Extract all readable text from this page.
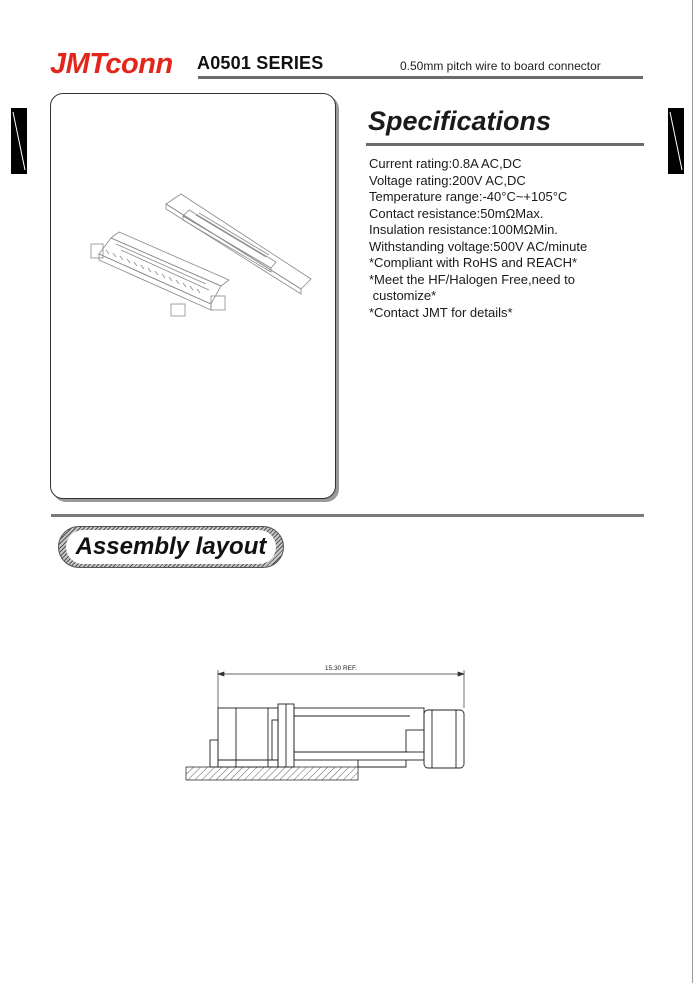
JMTconn A0501 SERIES	0.50mm pitch wire to board connector
Specifications
Current rating:0.8A AC,DC
Voltage rating:200V AC,DC
Temperature range:-40°C~+105°C
Contact resistance:50mΩMax.
Insulation resistance:100MΩMin.
Withstanding voltage:500V AC/minute
*Compliant with RoHS and REACH*
*Meet the HF/Halogen Free,need to
customize*
*Contact JMT for details*
Assembly layout
15.30 REF.
